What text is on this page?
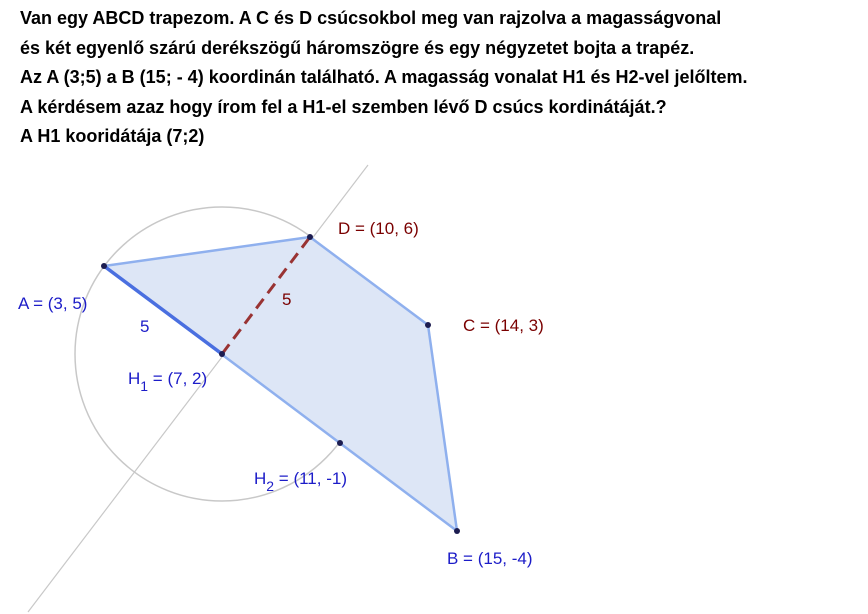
Van egy ABCD trapezom. A C és D csúcsokbol meg van rajzolva a magasságvonal
és két egyenlő szárú derékszögű háromszögre és egy négyzetet bojta a trapéz.
Az A (3;5) a B (15; - 4) koordinán található. A magasság vonalat H1 és H2-vel jelőltem.
A kérdésem azaz hogy írom fel a H1-el szemben lévő D csúcs kordinátáját.?
A H1 kooridátája (7;2)
A = (3, 5)
D = (10, 6)
C = (14, 3)
B = (15, -4)
$H_1 = (7$, 2)
$H_2 = (11$, -1)
5
5
